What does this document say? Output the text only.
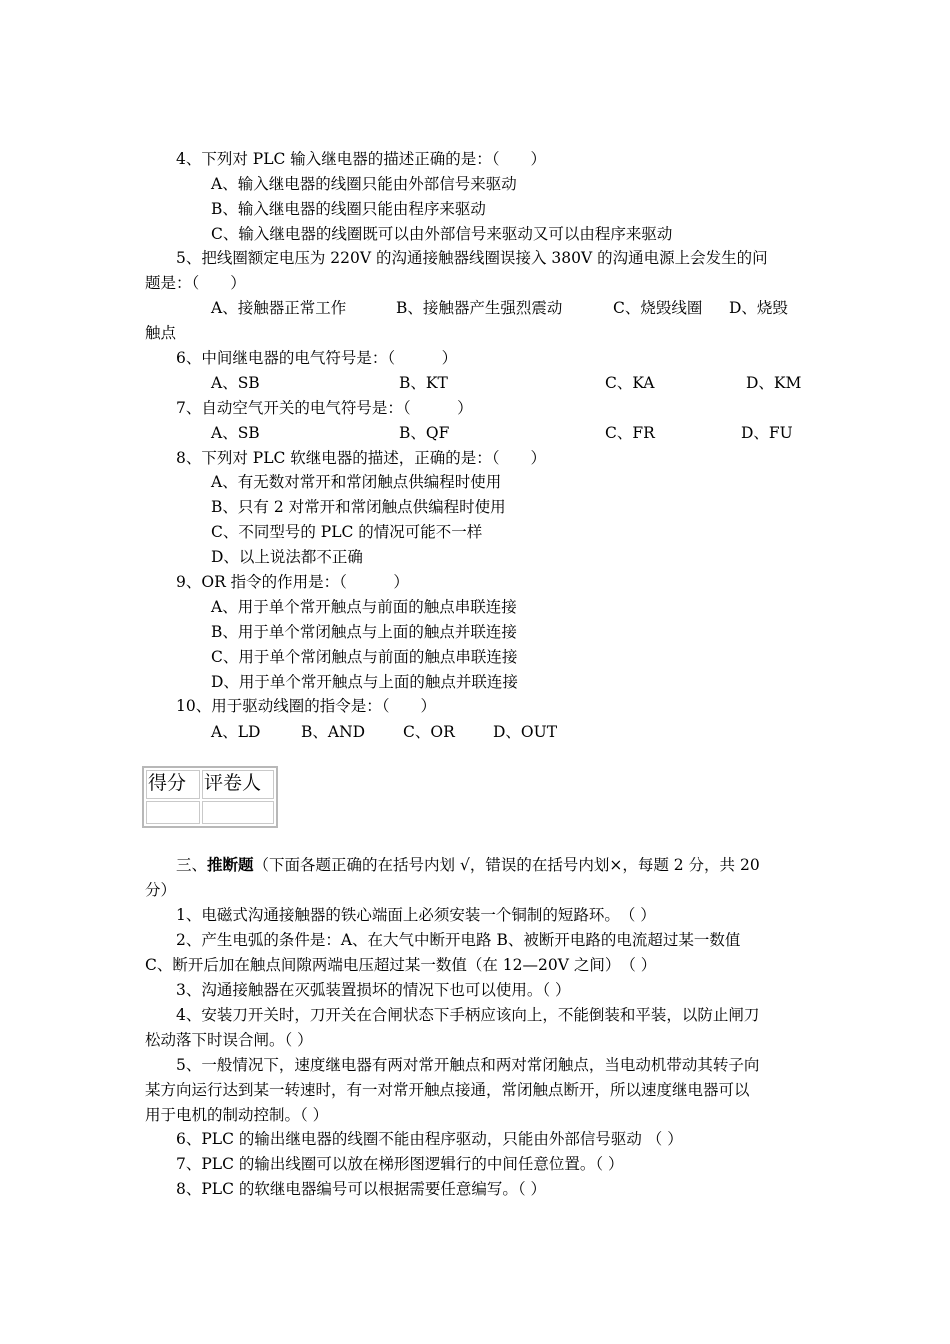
4、下列对 PLC 输入继电器的描述正确的是：（　　）
A、输入继电器的线圈只能由外部信号来驱动
B、输入继电器的线圈只能由程序来驱动
C、输入继电器的线圈既可以由外部信号来驱动又可以由程序来驱动
5、把线圈额定电压为 220V 的沟通接触器线圈误接入 380V 的沟通电源上会发生的问
题是：（　　）
A、接触器正常工作	B、接触器产生强烈震动	C、烧毁线圈 D、烧毁
触点
6、中间继电器的电气符号是：（　　　）
A、SB	B、KT	C、KA	D、KM
7、自动空气开关的电气符号是：（　　　）
A、SB	B、QF	C、FR	D、FU
8、下列对 PLC 软继电器的描述，正确的是：（　　）
A、有无数对常开和常闭触点供编程时使用
B、只有 2 对常开和常闭触点供编程时使用
C、不同型号的 PLC 的情况可能不一样
D、以上说法都不正确
9、OR 指令的作用是：（　　　）
A、用于单个常开触点与前面的触点串联连接
B、用于单个常闭触点与上面的触点并联连接
C、用于单个常闭触点与前面的触点串联连接
D、用于单个常开触点与上面的触点并联连接
10、用于驱动线圈的指令是：（　　）
A、LD	B、AND C、OR D、OUT
得分	评卷人

三、推断题（下面各题正确的在括号内划 √，错误的在括号内划×，每题 2 分，共 20
分）
1、电磁式沟通接触器的铁心端面上必须安装一个铜制的短路环。　（ ）
2、产生电弧的条件是：A、在大气中断开电路 B、被断开电路的电流超过某一数值
C、断开后加在触点间隙两端电压超过某一数值（在 12—20V 之间）　（ ）
3、沟通接触器在灭弧装置损坏的情况下也可以使用。（ ）
4、安装刀开关时，刀开关在合闸状态下手柄应该向上，不能倒装和平装，以防止闸刀
松动落下时误合闸。（ ）
5、一般情况下，速度继电器有两对常开触点和两对常闭触点，当电动机带动其转子向
某方向运行达到某一转速时，有一对常开触点接通，常闭触点断开，所以速度继电器可以
用于电机的制动控制。（ ）
6、PLC 的输出继电器的线圈不能由程序驱动，只能由外部信号驱动 （ ）
7、PLC 的输出线圈可以放在梯形图逻辑行的中间任意位置。（ ）
8、PLC 的软继电器编号可以根据需要任意编写。（ ）
